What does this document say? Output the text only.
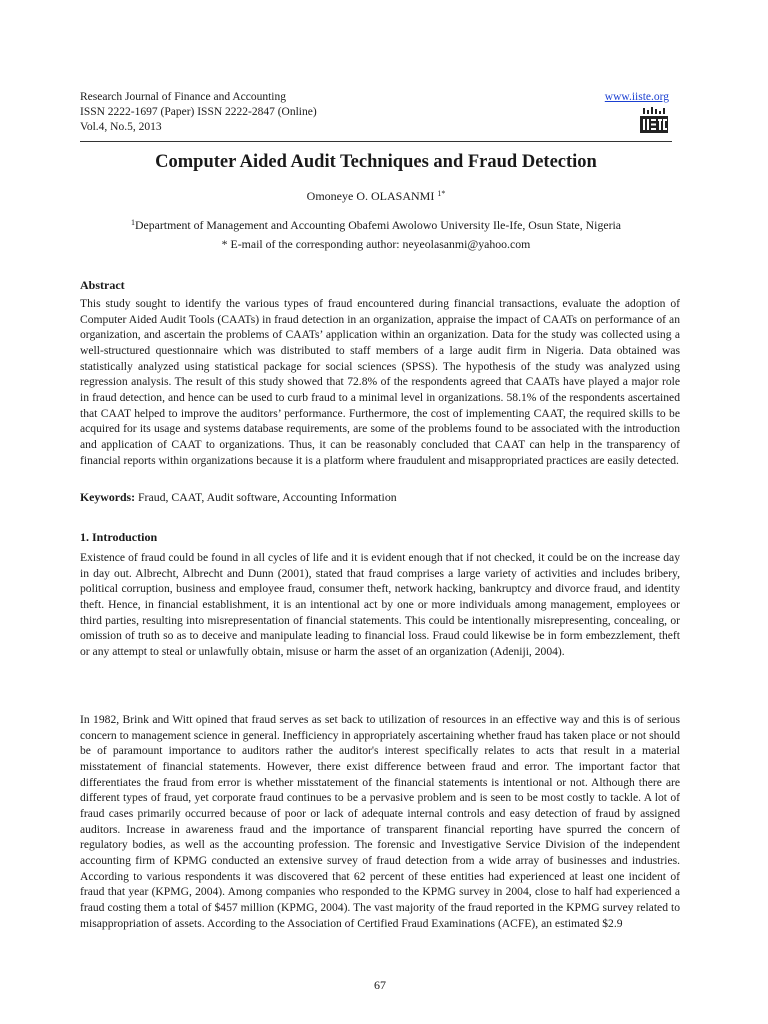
Research Journal of Finance and Accounting
ISSN 2222-1697 (Paper) ISSN 2222-2847 (Online)
Vol.4, No.5, 2013
www.iiste.org
Computer Aided Audit Techniques and Fraud Detection
Omoneye O. OLASANMI $^{1*}$
$^1$Department of Management and Accounting Obafemi Awolowo University Ile-Ife, Osun State, Nigeria
* E-mail of the corresponding author: neyeolasanmi@yahoo.com
Abstract
This study sought to identify the various types of fraud encountered during financial transactions, evaluate the adoption of Computer Aided Audit Tools (CAATs) in fraud detection in an organization, appraise the impact of CAATs on performance of an organization, and ascertain the problems of CAATs’ application within an organization. Data for the study was collected using a well-structured questionnaire which was distributed to staff members of a large audit firm in Nigeria. Data obtained was statistically analyzed using statistical package for social sciences (SPSS). The hypothesis of the study was analyzed using regression analysis. The result of this study showed that 72.8% of the respondents agreed that CAATs have played a major role in fraud detection, and hence can be used to curb fraud to a minimal level in organizations. 58.1% of the respondents ascertained that CAAT helped to improve the auditors’ performance. Furthermore, the cost of implementing CAAT, the required skills to be acquired for its usage and systems database requirements, are some of the problems found to be associated with the introduction and application of CAAT to organizations. Thus, it can be reasonably concluded that CAAT can help in the transparency of financial reports within organizations because it is a platform where fraudulent and misappropriated practices are easily detected.
Keywords: Fraud, CAAT, Audit software, Accounting Information
1. Introduction
Existence of fraud could be found in all cycles of life and it is evident enough that if not checked, it could be on the increase day in day out. Albrecht, Albrecht and Dunn (2001), stated that fraud comprises a large variety of activities and includes bribery, political corruption, business and employee fraud, consumer theft, network hacking, bankruptcy and divorce fraud, and identity theft. Hence, in financial establishment, it is an intentional act by one or more individuals among management, employees or third parties, resulting into misrepresentation of financial statements. This could be intentionally misrepresenting, concealing, or omission of truth so as to deceive and manipulate leading to financial loss. Fraud could likewise be in form embezzlement, theft or any attempt to steal or unlawfully obtain, misuse or harm the asset of an organization (Adeniji, 2004).
In 1982, Brink and Witt opined that fraud serves as set back to utilization of resources in an effective way and this is of serious concern to management science in general. Inefficiency in appropriately ascertaining whether fraud has taken place or not should be of paramount importance to auditors rather the auditor's interest specifically relates to acts that result in a material misstatement of financial statements. However, there exist difference between fraud and error. The important factor that differentiates the fraud from error is whether misstatement of the financial statements is intentional or not. Although there are different types of fraud, yet corporate fraud continues to be a pervasive problem and is seen to be most costly to tackle. A lot of fraud cases primarily occurred because of poor or lack of adequate internal controls and easy detection of fraud by assigned auditors. Increase in awareness fraud and the importance of transparent financial reporting have spurred the concern of regulatory bodies, as well as the accounting profession. The forensic and Investigative Service Division of the independent accounting firm of KPMG conducted an extensive survey of fraud detection from a wide array of businesses and industries. According to various respondents it was discovered that 62 percent of these entities had experienced at least one incident of fraud that year (KPMG, 2004). Among companies who responded to the KPMG survey in 2004, close to half had experienced a fraud costing them a total of $457 million (KPMG, 2004). The vast majority of the fraud reported in the KPMG survey related to misappropriation of assets. According to the Association of Certified Fraud Examinations (ACFE), an estimated $2.9
67
